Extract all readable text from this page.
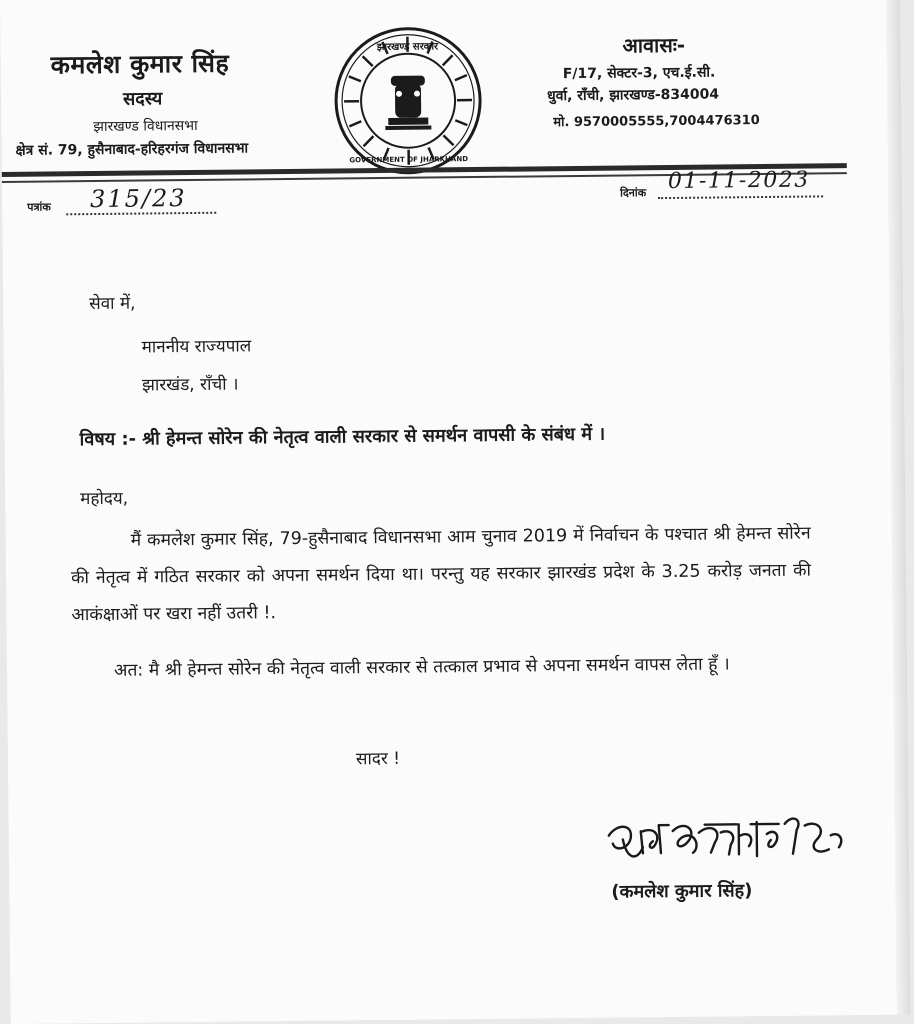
कमलेश कुमार सिंह
सदस्य
झारखण्ड विधानसभा
क्षेत्र सं. 79, हुसैनाबाद-हरिहरगंज विधानसभा
झारखण्ड सरकार
GOVERNMENT OF JHARKHAND
आवासः-
F/17, सेक्टर-3, एच.ई.सी.
धुर्वा, राँची, झारखण्ड-834004
मो. 9570005555,7004476310
पत्रांक 315/23	दिनांक 01-11-2023
सेवा में,
माननीय राज्यपाल
झारखंड, राँची ।
विषय :- श्री हेमन्त सोरेन की नेतृत्व वाली सरकार से समर्थन वापसी के संबंध में ।
महोदय,
मैं कमलेश कुमार सिंह, 79-हुसैनाबाद विधानसभा आम चुनाव 2019 में निर्वाचन के पश्चात श्री हेमन्त सोरेन की नेतृत्व में गठित सरकार को अपना समर्थन दिया था। परन्तु यह सरकार झारखंड प्रदेश के 3.25 करोड़ जनता की आकंक्षाओं पर खरा नहीं उतरी !.
अत: मै श्री हेमन्त सोरेन की नेतृत्व वाली सरकार से तत्काल प्रभाव से अपना समर्थन वापस लेता हूँ ।
सादर !
(कमलेश कुमार सिंह)
